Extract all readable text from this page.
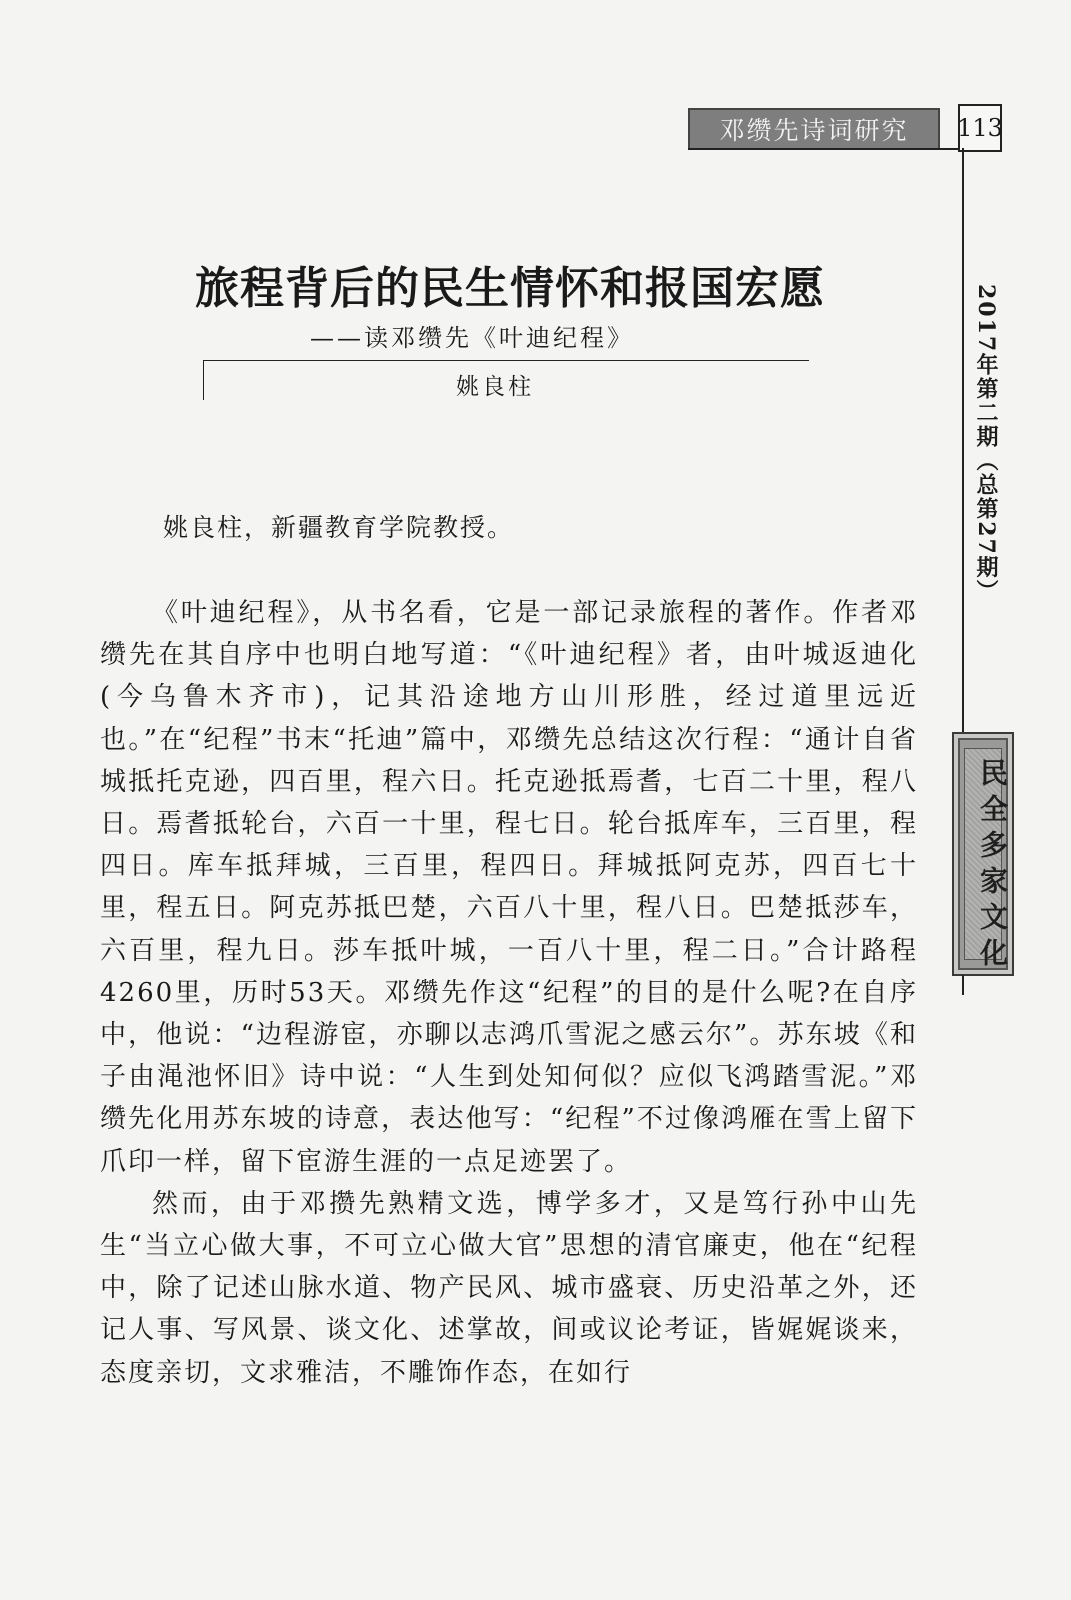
邓缵先诗词研究	113
2017年第二期（总第27期）
民全多家文化
旅程背后的民生情怀和报国宏愿
——读邓缵先《叶迪纪程》
姚良柱
姚良柱，新疆教育学院教授。

《叶迪纪程》，从书名看，它是一部记录旅程的著作。作者邓缵先在其自序中也明白地写道：“《叶迪纪程》者，由叶城返迪化(今乌鲁木齐市)，记其沿途地方山川形胜，经过道里远近也。”在“纪程”书末“托迪”篇中，邓缵先总结这次行程：“通计自省城抵托克逊，四百里，程六日。托克逊抵焉耆，七百二十里，程八日。焉耆抵轮台，六百一十里，程七日。轮台抵库车，三百里，程四日。库车抵拜城，三百里，程四日。拜城抵阿克苏，四百七十里，程五日。阿克苏抵巴楚，六百八十里，程八日。巴楚抵莎车，六百里，程九日。莎车抵叶城，一百八十里，程二日。”合计路程4260里，历时53天。邓缵先作这“纪程”的目的是什么呢?在自序中，他说：“边程游宦，亦聊以志鸿爪雪泥之感云尔”。苏东坡《和子由渑池怀旧》诗中说：“人生到处知何似？应似飞鸿踏雪泥。”邓缵先化用苏东坡的诗意，表达他写：“纪程”不过像鸿雁在雪上留下爪印一样，留下宦游生涯的一点足迹罢了。

然而，由于邓攒先熟精文选，博学多才，又是笃行孙中山先生“当立心做大事，不可立心做大官”思想的清官廉吏，他在“纪程中，除了记述山脉水道、物产民风、城市盛衰、历史沿革之外，还记人事、写风景、谈文化、述掌故，间或议论考证，皆娓娓谈来，态度亲切，文求雅洁，不雕饰作态，在如行
